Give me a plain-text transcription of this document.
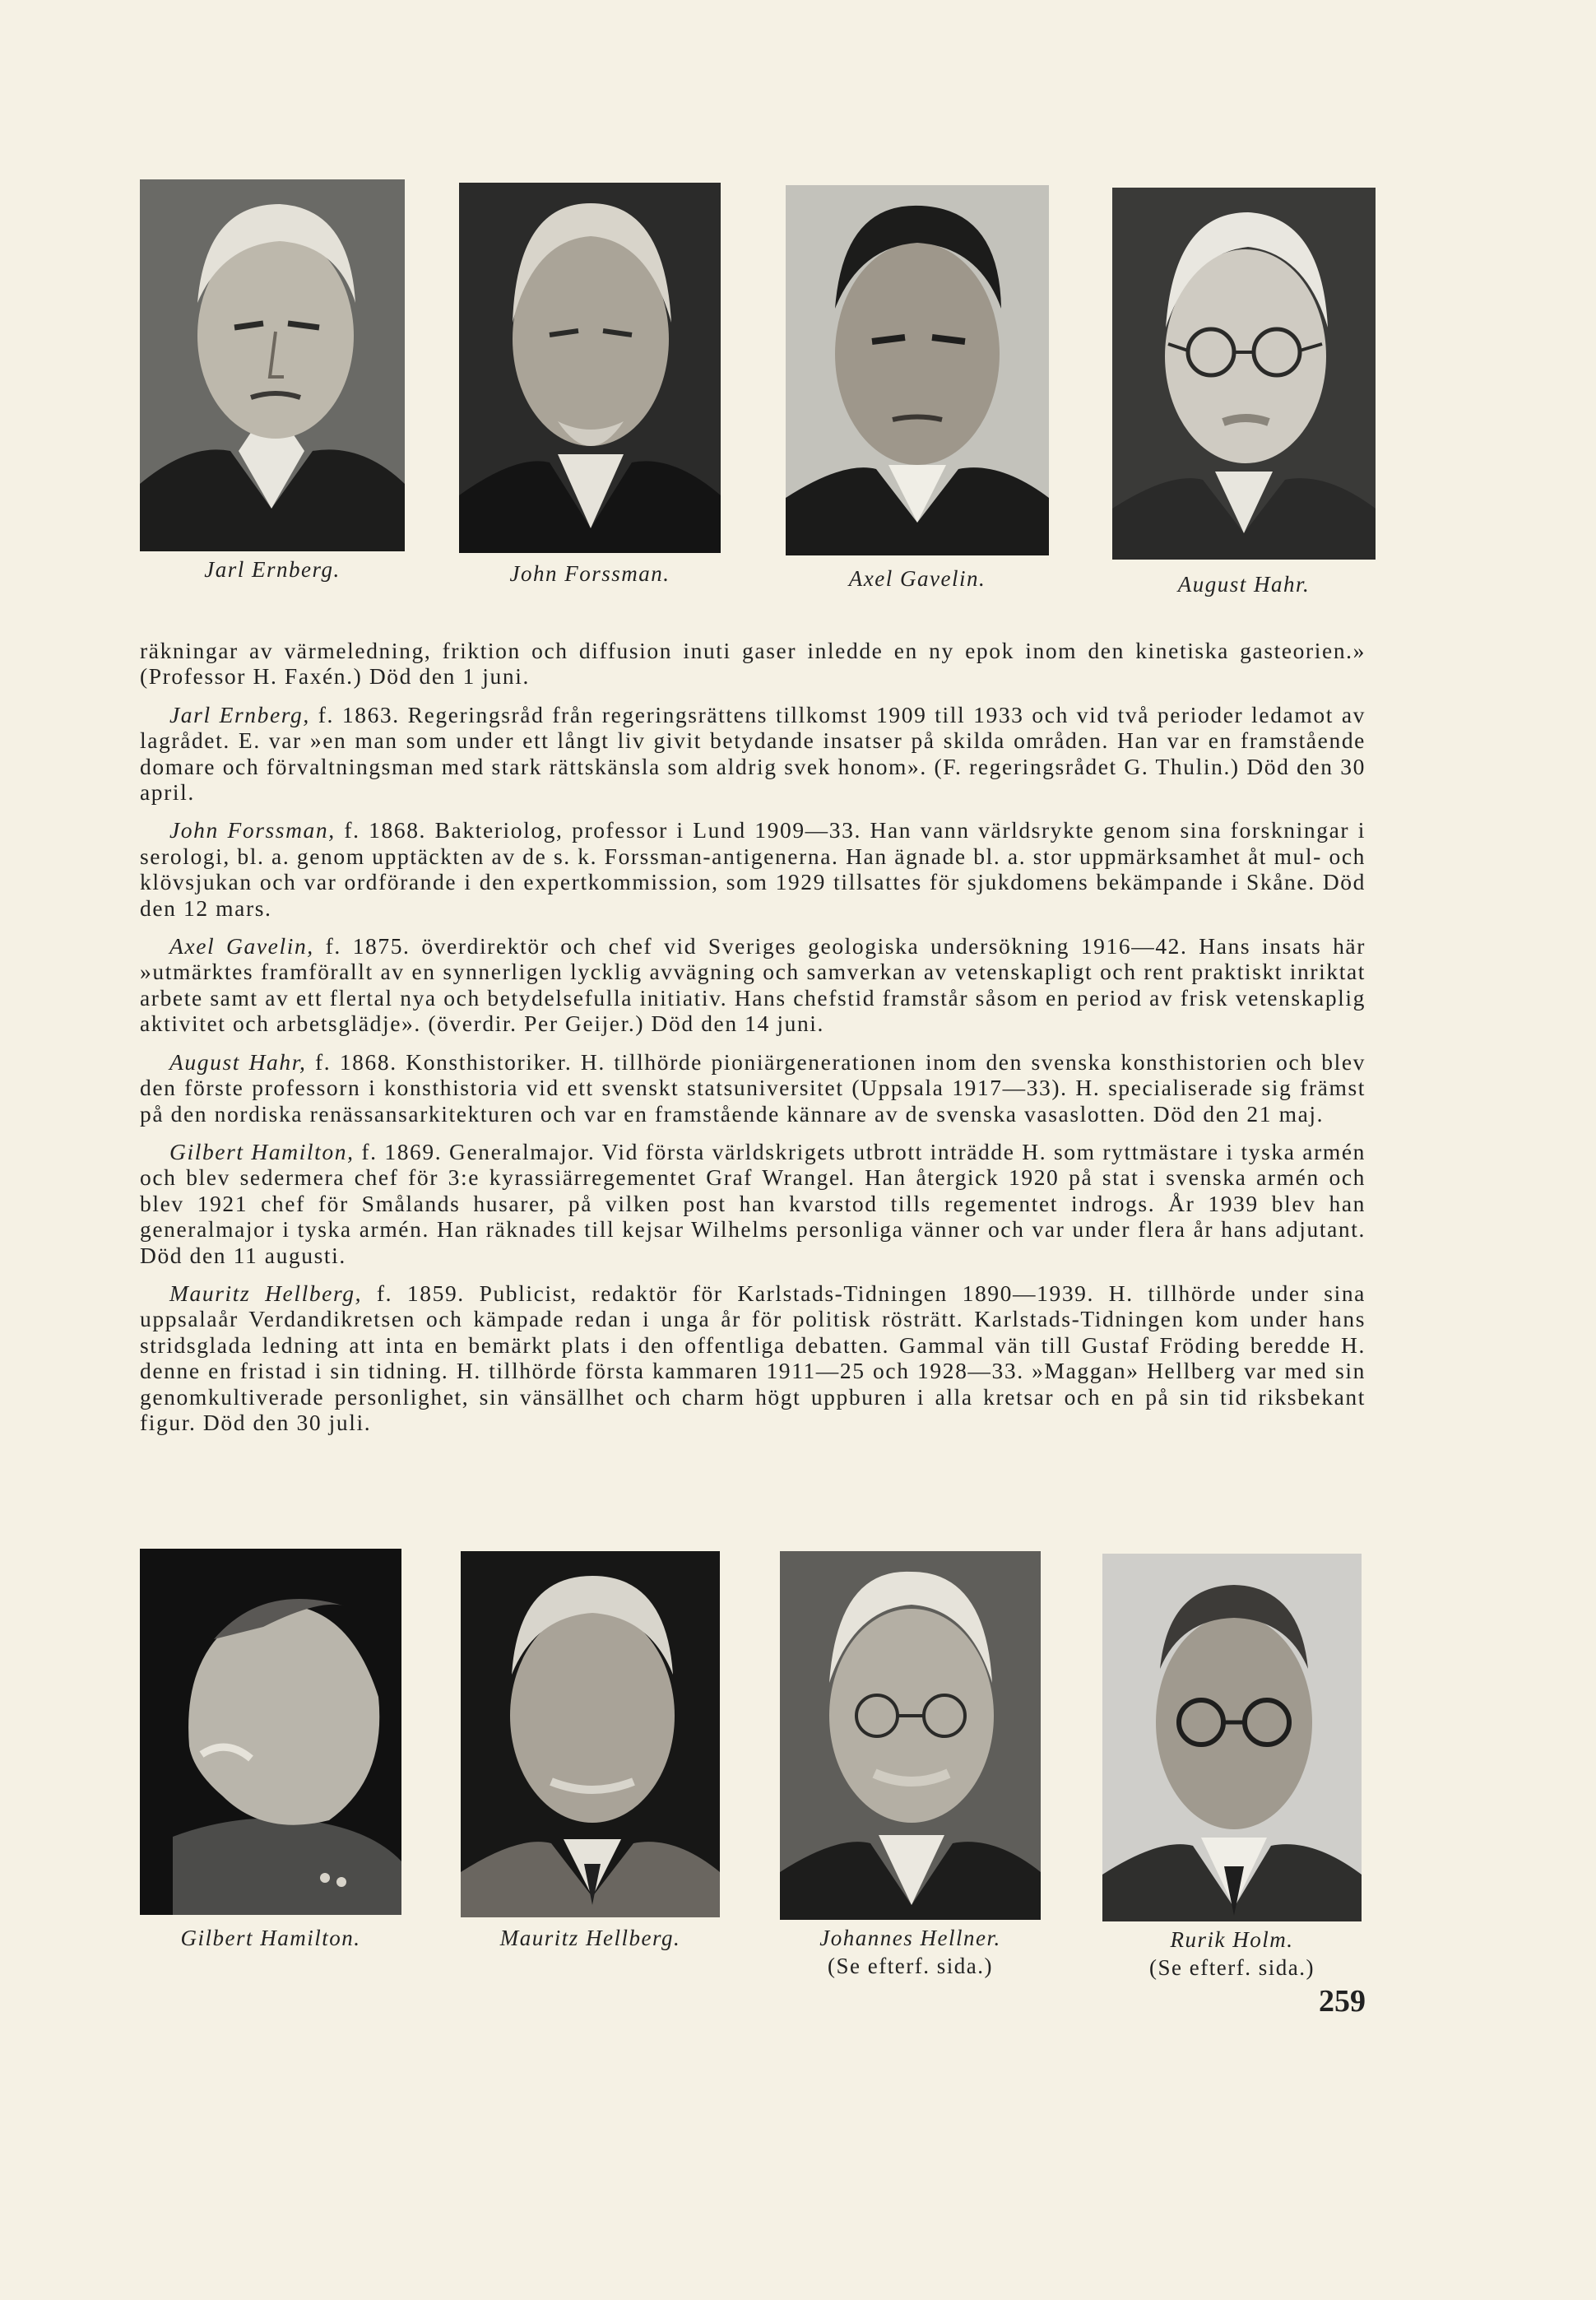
Jarl Ernberg.	John Forssman.	Axel Gavelin.	August Hahr.

räkningar av värmeledning, friktion och diffusion inuti gaser inledde en ny epok inom den kinetiska gasteorien.» (Professor H. Faxén.) Död den 1 juni.

Jarl Ernberg, f. 1863. Regeringsråd från regeringsrättens tillkomst 1909 till 1933 och vid två perioder ledamot av lagrådet. E. var »en man som under ett långt liv givit betydande insatser på skilda områden. Han var en framstående domare och förvaltningsman med stark rättskänsla som aldrig svek honom». (F. regeringsrådet G. Thulin.) Död den 30 april.

John Forssman, f. 1868. Bakteriolog, professor i Lund 1909—33. Han vann världsrykte genom sina forskningar i serologi, bl. a. genom upptäckten av de s. k. Forssman-antigenerna. Han ägnade bl. a. stor uppmärksamhet åt mul- och klövsjukan och var ordförande i den expertkommission, som 1929 tillsattes för sjukdomens bekämpande i Skåne. Död den 12 mars.

Axel Gavelin, f. 1875. överdirektör och chef vid Sveriges geologiska undersökning 1916—42. Hans insats här »utmärktes framförallt av en synnerligen lycklig avvägning och samverkan av vetenskapligt och rent praktiskt inriktat arbete samt av ett flertal nya och betydelsefulla initiativ. Hans chefstid framstår såsom en period av frisk vetenskaplig aktivitet och arbetsglädje». (överdir. Per Geijer.) Död den 14 juni.

August Hahr, f. 1868. Konsthistoriker. H. tillhörde pioniärgenerationen inom den svenska konsthistorien och blev den förste professorn i konsthistoria vid ett svenskt statsuniversitet (Uppsala 1917—33). H. specialiserade sig främst på den nordiska renässansarkitekturen och var en framstående kännare av de svenska vasaslotten. Död den 21 maj.

Gilbert Hamilton, f. 1869. Generalmajor. Vid första världskrigets utbrott inträdde H. som ryttmästare i tyska armén och blev sedermera chef för 3:e kyrassiärregementet Graf Wrangel. Han återgick 1920 på stat i svenska armén och blev 1921 chef för Smålands husarer, på vilken post han kvarstod tills regementet indrogs. År 1939 blev han generalmajor i tyska armén. Han räknades till kejsar Wilhelms personliga vänner och var under flera år hans adjutant. Död den 11 augusti.

Mauritz Hellberg, f. 1859. Publicist, redaktör för Karlstads-Tidningen 1890—1939. H. tillhörde under sina uppsalaår Verdandikretsen och kämpade redan i unga år för politisk rösträtt. Karlstads-Tidningen kom under hans stridsglada ledning att inta en bemärkt plats i den offentliga debatten. Gammal vän till Gustaf Fröding beredde H. denne en fristad i sin tidning. H. tillhörde första kammaren 1911—25 och 1928—33. »Maggan» Hellberg var med sin genomkultiverade personlighet, sin vänsällhet och charm högt uppburen i alla kretsar och en på sin tid riksbekant figur. Död den 30 juli.

Gilbert Hamilton.	Mauritz Hellberg.	Johannes Hellner.
(Se efterf. sida.)
Rurik Holm.
(Se efterf. sida.)
259
